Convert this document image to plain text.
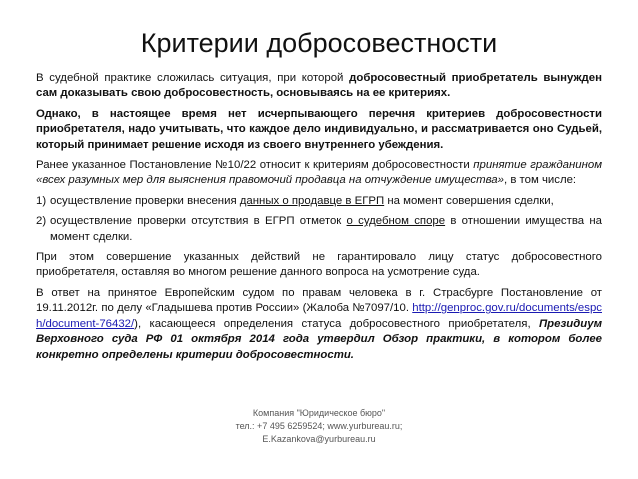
Критерии добросовестности
В судебной практике сложилась ситуация, при которой добросовестный приобретатель вынужден сам доказывать свою добросовестность, основываясь на ее критериях.
Однако, в настоящее время нет исчерпывающего перечня критериев добросовестности приобретателя, надо учитывать, что каждое дело индивидуально, и рассматривается оно Судьей, который принимает решение исходя из своего внутреннего убеждения.
Ранее указанное Постановление №10/22 относит к критериям добросовестности принятие гражданином «всех разумных мер для выяснения правомочий продавца на отчуждение имущества», в том числе:
1) осуществление проверки внесения данных о продавце в ЕГРП на момент совершения сделки,
2) осуществление проверки отсутствия в ЕГРП отметок о судебном споре в отношении имущества на момент сделки.
При этом совершение указанных действий не гарантировало лицу статус добросовестного приобретателя, оставляя во многом решение данного вопроса на усмотрение суда.
В ответ на принятое Европейским судом по правам человека в г. Страсбурге Постановление от 19.11.2012г. по делу «Гладышева против России» (Жалоба №7097/10. http://genproc.gov.ru/documents/espch/document-76432/), касающееся определения статуса добросовестного приобретателя, Президиум Верховного суда РФ 01 октября 2014 года утвердил Обзор практики, в котором более конкретно определены критерии добросовестности.
Компания "Юридическое бюро"
тел.: +7 495 6259524; www.yurbureau.ru;
E.Kazankova@yurbureau.ru
